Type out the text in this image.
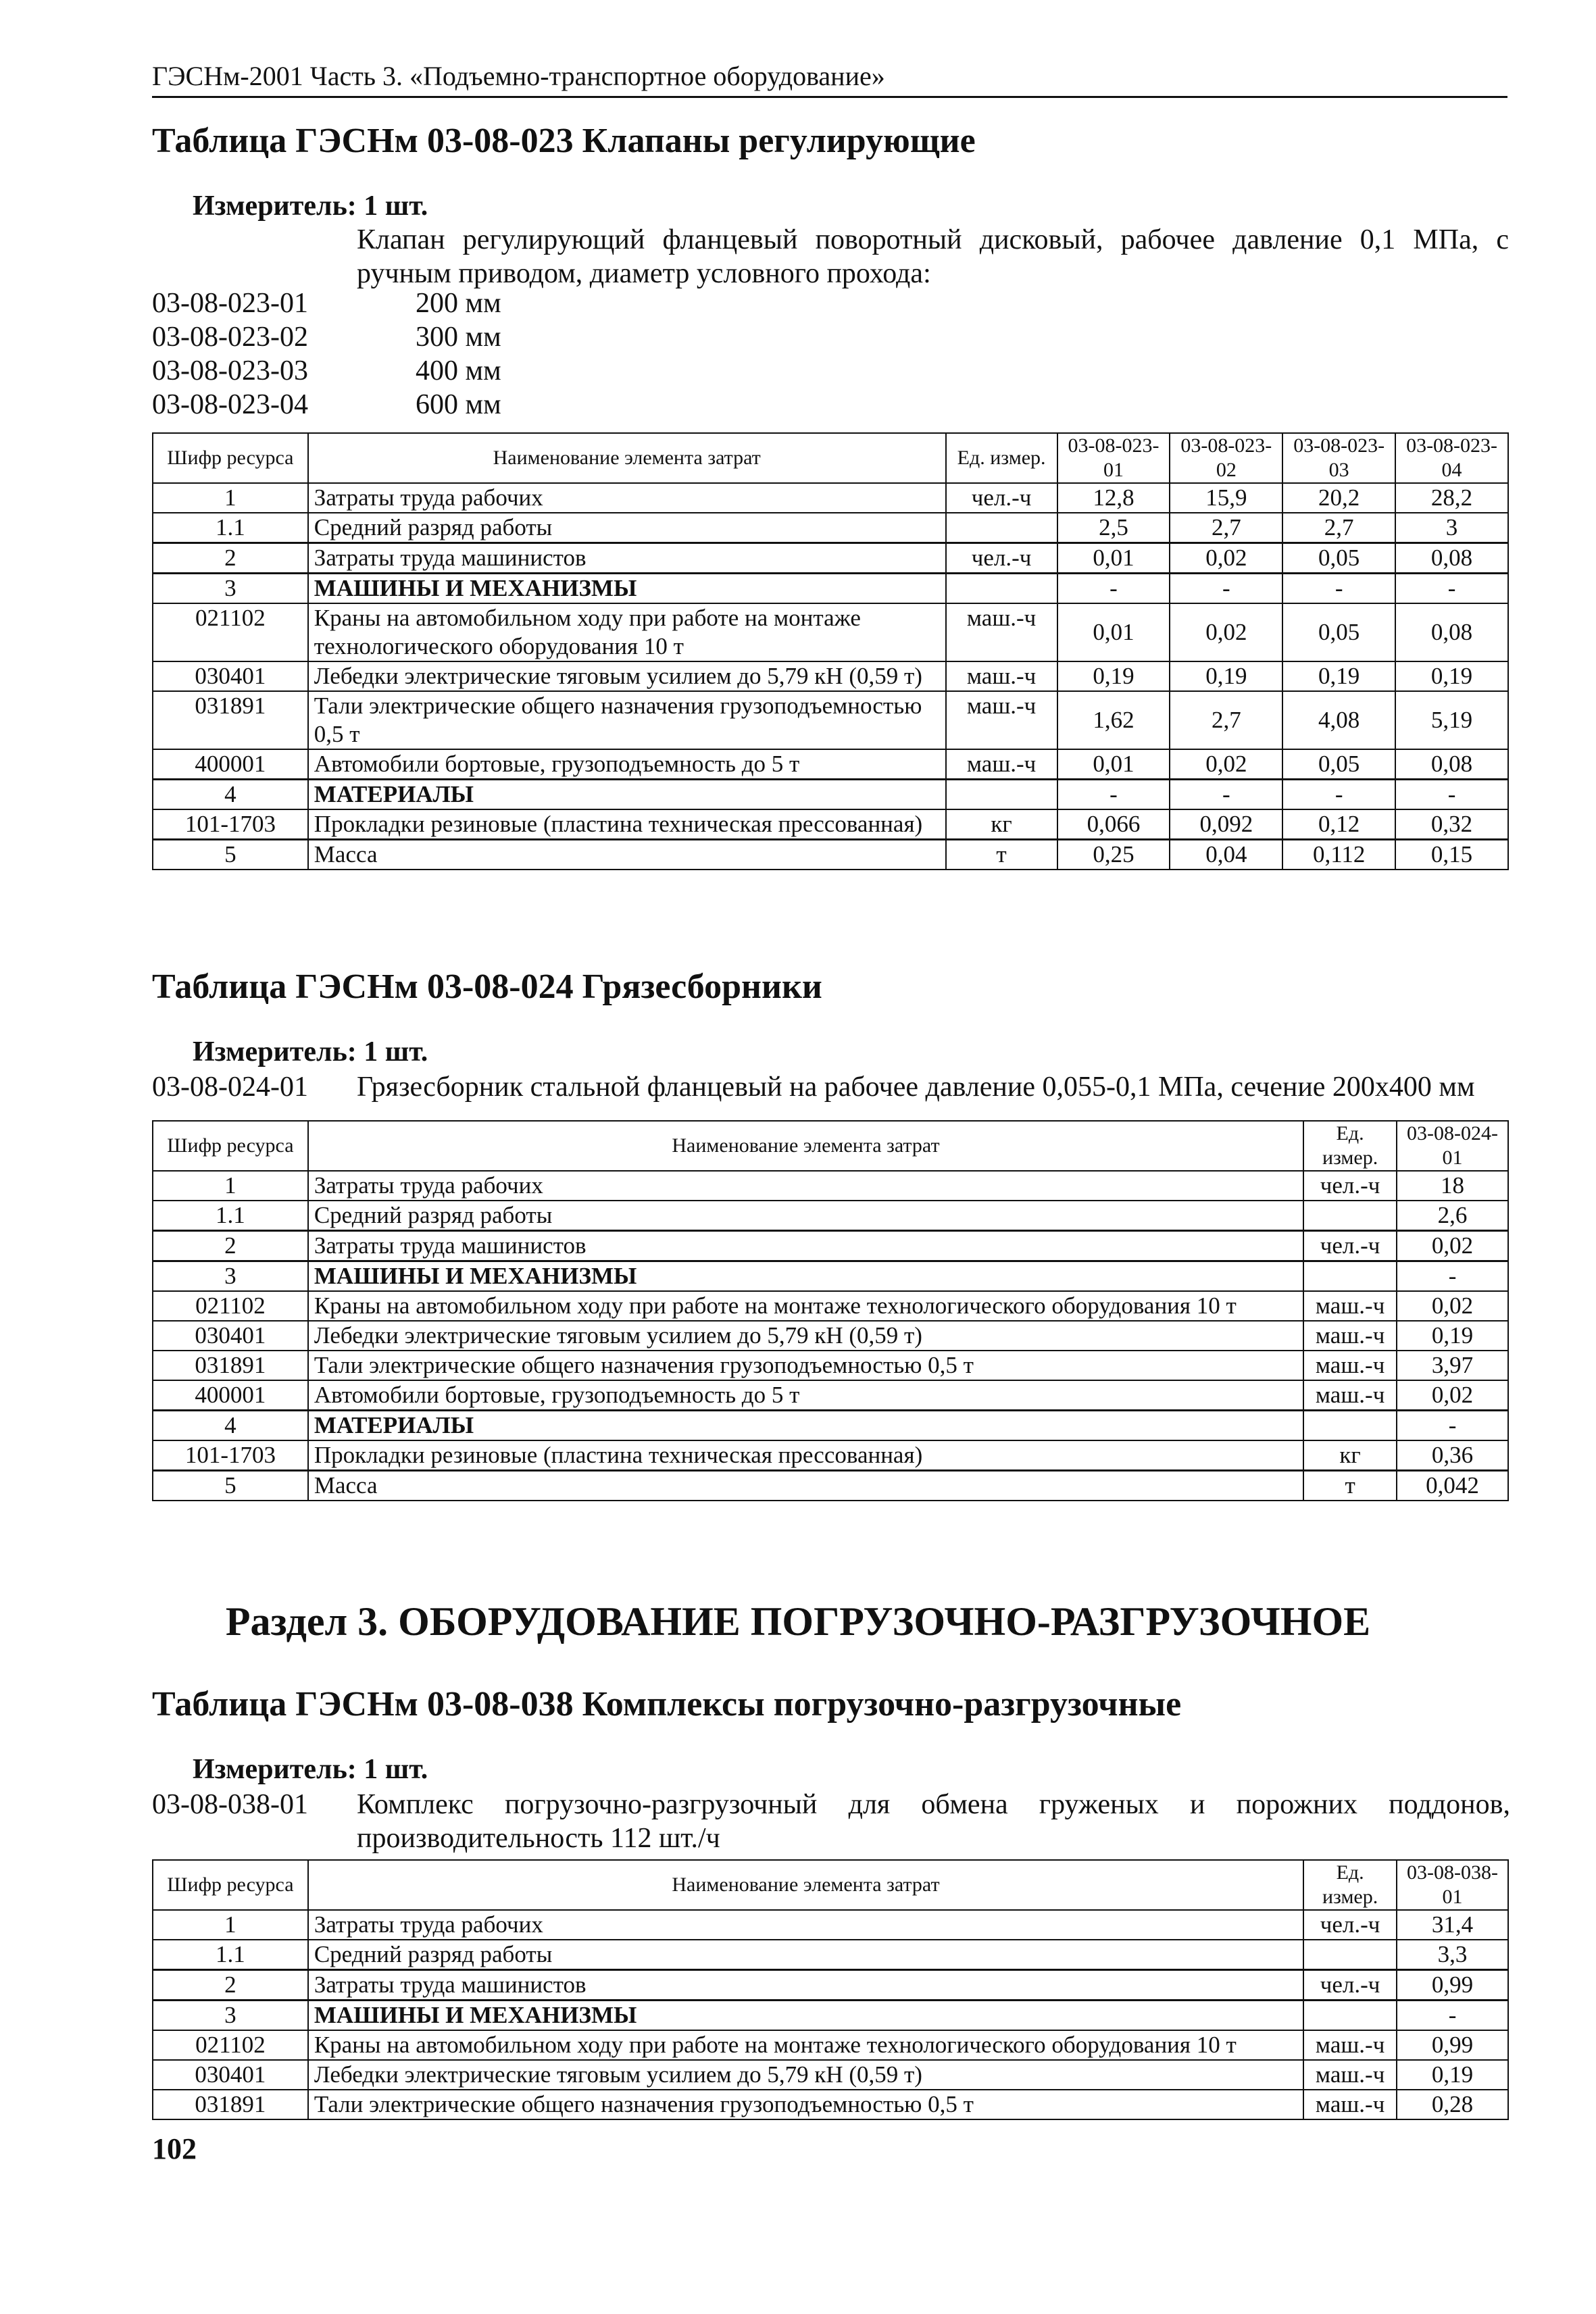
ГЭСНм-2001 Часть 3. «Подъемно-транспортное оборудование»
Таблица ГЭСНм 03-08-023 Клапаны регулирующие
Измеритель: 1 шт.
Клапан регулирующий фланцевый поворотный дисковый, рабочее давление 0,1 МПа, с ручным приводом, диаметр условного прохода:
03-08-023-01	200 мм
03-08-023-02	300 мм
03-08-023-03	400 мм
03-08-023-04	600 мм
Шифр ресурса	Наименование элемента затрат	Ед. измер.	03-08-023-01	03-08-023-02	03-08-023-03	03-08-023-04
1	Затраты труда рабочих	чел.-ч	12,8	15,9	20,2	28,2
1.1	Средний разряд работы		2,5	2,7	2,7	3
2	Затраты труда машинистов	чел.-ч	0,01	0,02	0,05	0,08
3	МАШИНЫ И МЕХАНИЗМЫ		-	-	-	-
021102	Краны на автомобильном ходу при работе на монтаже технологического оборудования 10 т	маш.-ч	0,01	0,02	0,05	0,08
030401	Лебедки электрические тяговым усилием до 5,79 кН (0,59 т)	маш.-ч	0,19	0,19	0,19	0,19
031891	Тали электрические общего назначения грузоподъемностью 0,5 т	маш.-ч	1,62	2,7	4,08	5,19
400001	Автомобили бортовые, грузоподъемность до 5 т	маш.-ч	0,01	0,02	0,05	0,08
4	МАТЕРИАЛЫ		-	-	-	-
101-1703	Прокладки резиновые (пластина техническая прессованная)	кг	0,066	0,092	0,12	0,32
5	Масса	т	0,25	0,04	0,112	0,15
Таблица ГЭСНм 03-08-024 Грязесборники
Измеритель: 1 шт.
03-08-024-01	Грязесборник стальной фланцевый на рабочее давление 0,055-0,1 МПа, сечение 200х400 мм
Шифр ресурса	Наименование элемента затрат	Ед. измер.	03-08-024-01
1	Затраты труда рабочих	чел.-ч	18
1.1	Средний разряд работы		2,6
2	Затраты труда машинистов	чел.-ч	0,02
3	МАШИНЫ И МЕХАНИЗМЫ		-
021102	Краны на автомобильном ходу при работе на монтаже технологического оборудования 10 т	маш.-ч	0,02
030401	Лебедки электрические тяговым усилием до 5,79 кН (0,59 т)	маш.-ч	0,19
031891	Тали электрические общего назначения грузоподъемностью 0,5 т	маш.-ч	3,97
400001	Автомобили бортовые, грузоподъемность до 5 т	маш.-ч	0,02
4	МАТЕРИАЛЫ		-
101-1703	Прокладки резиновые (пластина техническая прессованная)	кг	0,36
5	Масса	т	0,042
Раздел 3. ОБОРУДОВАНИЕ ПОГРУЗОЧНО-РАЗГРУЗОЧНОЕ
Таблица ГЭСНм 03-08-038 Комплексы погрузочно-разгрузочные
Измеритель: 1 шт.
03-08-038-01	Комплекс погрузочно-разгрузочный для обмена груженых и порожних поддонов, производительность 112 шт./ч
Шифр ресурса	Наименование элемента затрат	Ед. измер.	03-08-038-01
1	Затраты труда рабочих	чел.-ч	31,4
1.1	Средний разряд работы		3,3
2	Затраты труда машинистов	чел.-ч	0,99
3	МАШИНЫ И МЕХАНИЗМЫ		-
021102	Краны на автомобильном ходу при работе на монтаже технологического оборудования 10 т	маш.-ч	0,99
030401	Лебедки электрические тяговым усилием до 5,79 кН (0,59 т)	маш.-ч	0,19
031891	Тали электрические общего назначения грузоподъемностью 0,5 т	маш.-ч	0,28
102
